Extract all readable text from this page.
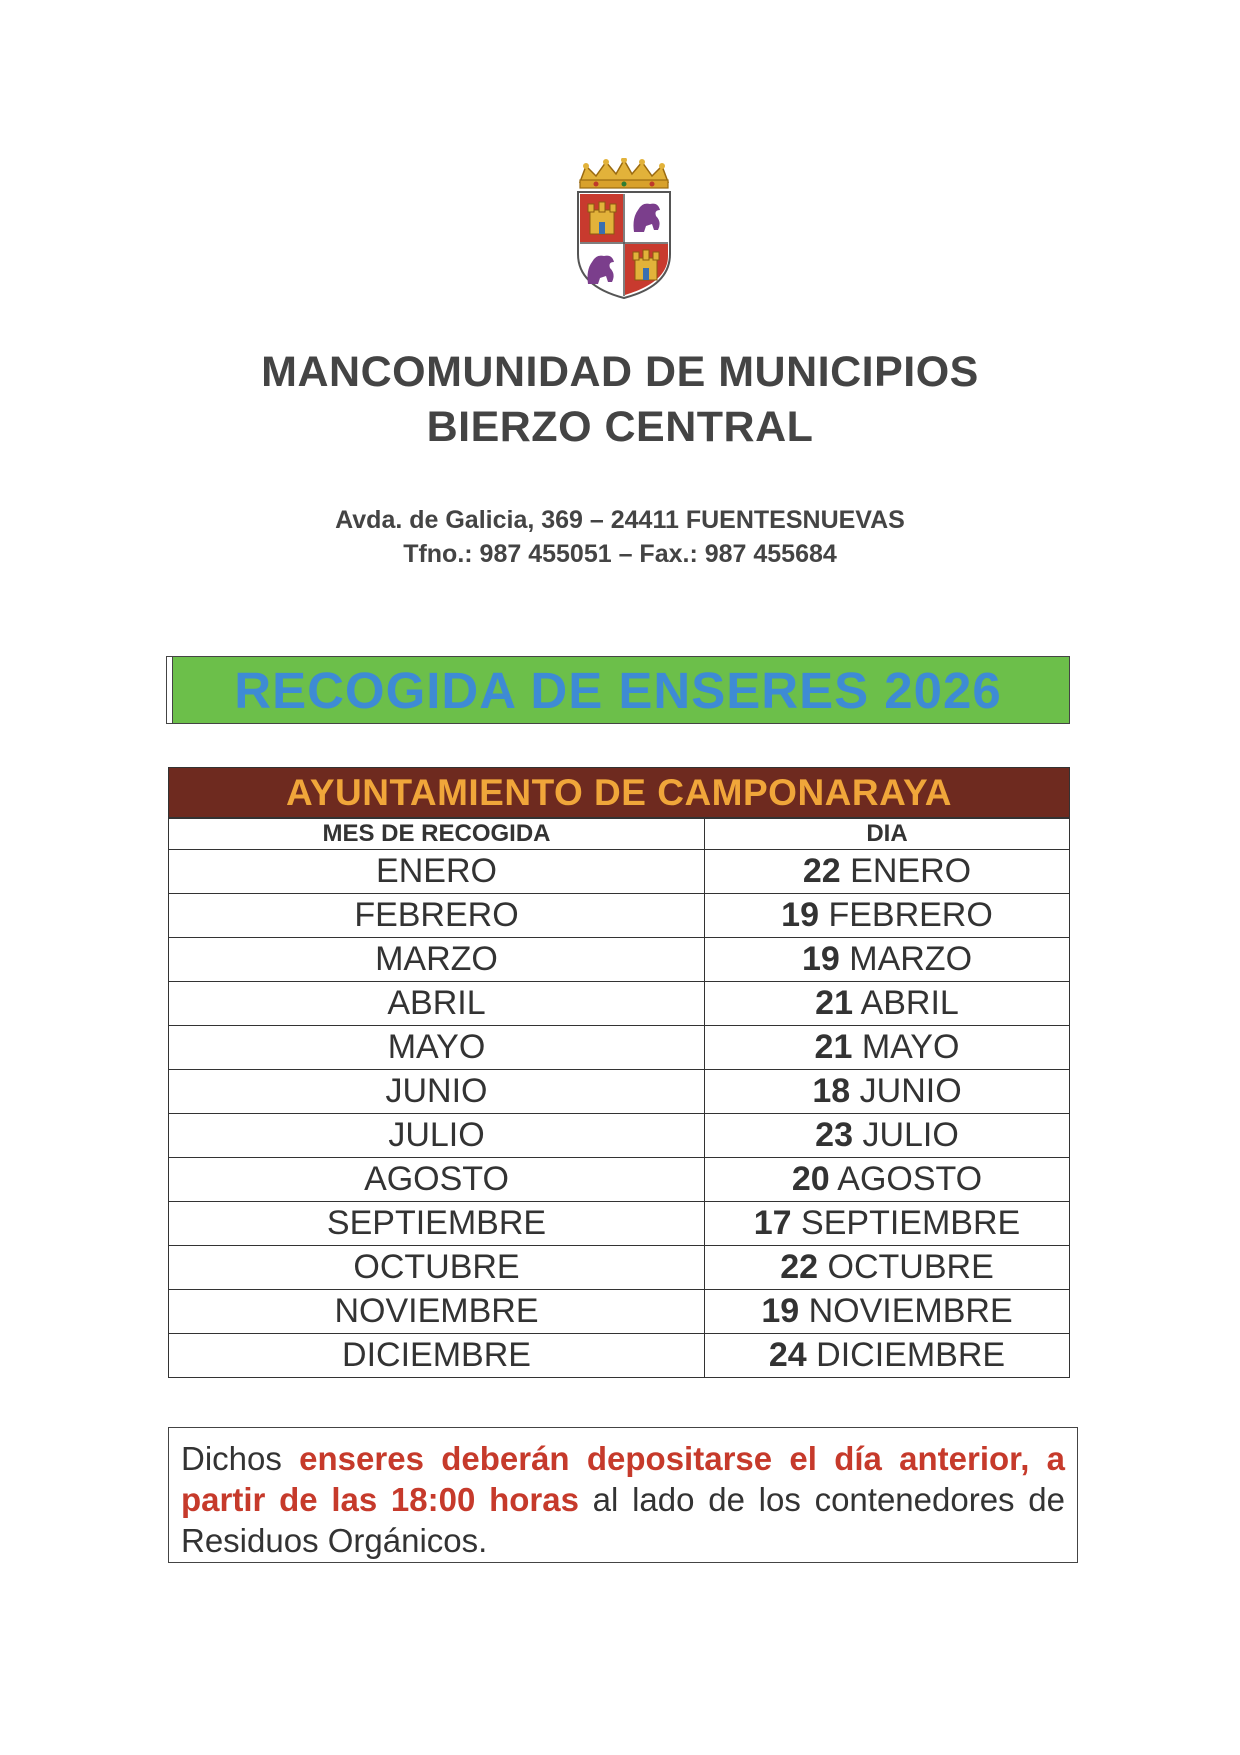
MANCOMUNIDAD DE MUNICIPIOS
BIERZO CENTRAL
Avda. de Galicia, 369 – 24411 FUENTESNUEVAS
Tfno.: 987 455051 – Fax.: 987 455684
RECOGIDA DE ENSERES 2026
AYUNTAMIENTO DE CAMPONARAYA
MES DE RECOGIDA	DIA
ENERO	22 ENERO
FEBRERO	19 FEBRERO
MARZO	19 MARZO
ABRIL	21 ABRIL
MAYO	21 MAYO
JUNIO	18 JUNIO
JULIO	23 JULIO
AGOSTO	20 AGOSTO
SEPTIEMBRE	17 SEPTIEMBRE
OCTUBRE	22 OCTUBRE
NOVIEMBRE	19 NOVIEMBRE
DICIEMBRE	24 DICIEMBRE
Dichos enseres deberán depositarse el día anterior, a partir de las 18:00 horas al lado de los contenedores de Residuos Orgánicos.
